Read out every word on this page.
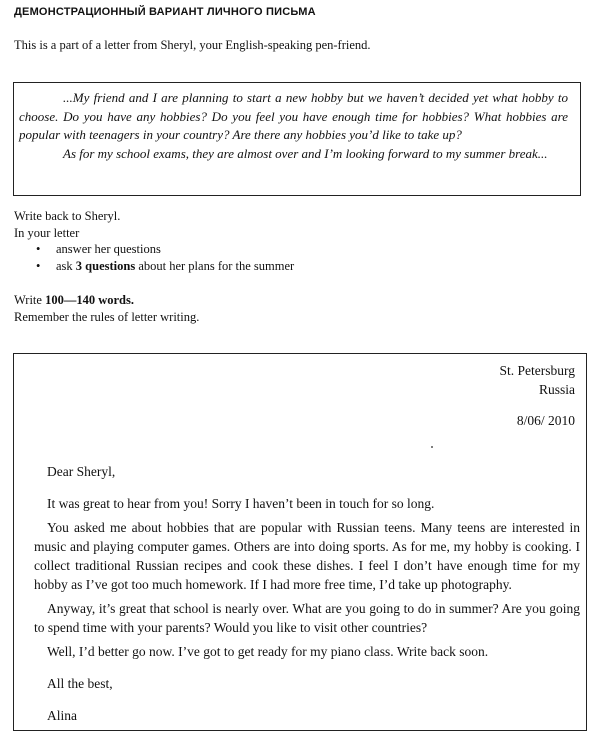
ДЕМОНСТРАЦИОННЫЙ ВАРИАНТ ЛИЧНОГО ПИСЬМА
This is a part of a letter from Sheryl, your English-speaking pen-friend.

...My friend and I are planning to start a new hobby but we haven’t decided yet what hobby to choose. Do you have any hobbies? Do you feel you have enough time for hobbies? What hobbies are popular with teenagers in your country? Are there any hobbies you’d like to take up?

As for my school exams, they are almost over and I’m looking forward to my summer break...

Write back to Sheryl.
In your letter
• answer her questions
• ask 3 questions about her plans for the summer
Write 100—140 words.
Remember the rules of letter writing.
St. Petersburg
Russia
8/06/ 2010

Dear Sheryl,

It was great to hear from you! Sorry I haven’t been in touch for so long.

You asked me about hobbies that are popular with Russian teens. Many teens are interested in music and playing computer games. Others are into doing sports. As for me, my hobby is cooking. I collect traditional Russian recipes and cook these dishes. I feel I don’t have enough time for my hobby as I’ve got too much homework. If I had more free time, I’d take up photography.

Anyway, it’s great that school is nearly over. What are you going to do in summer? Are you going to spend time with your parents? Would you like to visit other countries?

Well, I’d better go now. I’ve got to get ready for my piano class. Write back soon.

All the best,

Alina
